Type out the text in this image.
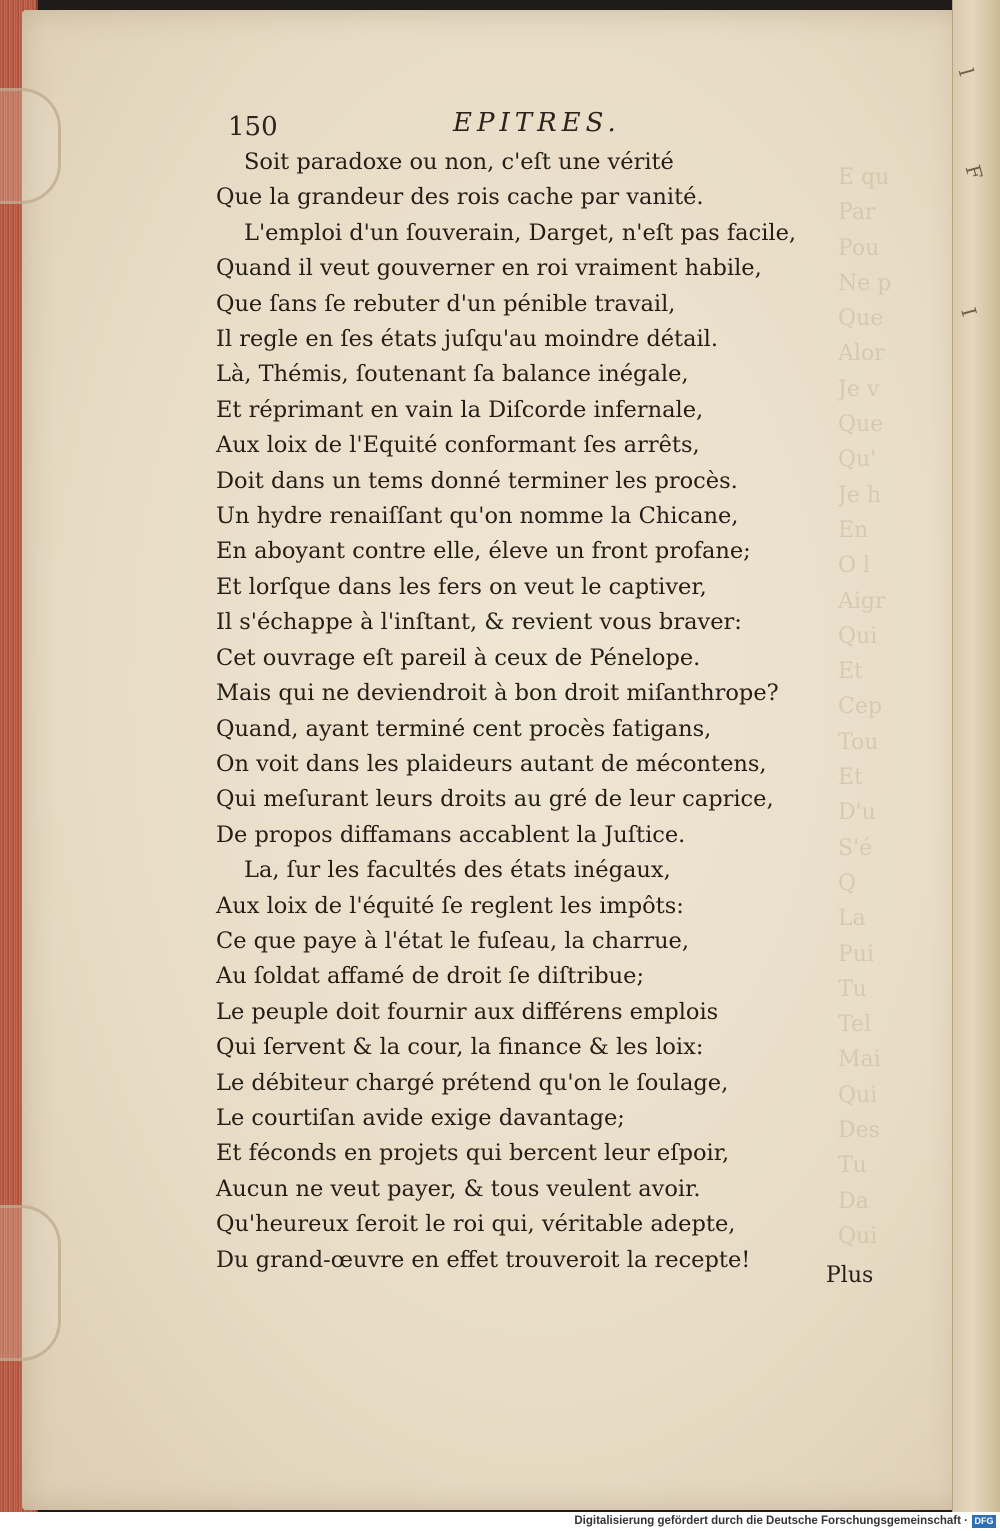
l
F
I
E qu
Par
Pou
Ne p
Que
Alor
Je v
Que
Qu'
Je h
En
O l
Aigr
Qui
Et
Cep
Tou
Et
D'u
S'é
Q
La
Pui
Tu
Tel
Mai
Qui
Des
Tu
Da
Qui
150	EPITRES.
Soit paradoxe ou non, c'eſt une vérité
Que la grandeur des rois cache par vanité.
L'emploi d'un ſouverain, Darget, n'eſt pas facile,
Quand il veut gouverner en roi vraiment habile,
Que ſans ſe rebuter d'un pénible travail,
Il regle en ſes états juſqu'au moindre détail.
Là, Thémis, ſoutenant ſa balance inégale,
Et réprimant en vain la Diſcorde infernale,
Aux loix de l'Equité conformant ſes arrêts,
Doit dans un tems donné terminer les procès.
Un hydre renaiſſant qu'on nomme la Chicane,
En aboyant contre elle, éleve un front profane;
Et lorſque dans les fers on veut le captiver,
Il s'échappe à l'inſtant, & revient vous braver:
Cet ouvrage eſt pareil à ceux de Pénelope.
Mais qui ne deviendroit à bon droit miſanthrope?
Quand, ayant terminé cent procès fatigans,
On voit dans les plaideurs autant de mécontens,
Qui meſurant leurs droits au gré de leur caprice,
De propos diffamans accablent la Juſtice.
La, ſur les facultés des états inégaux,
Aux loix de l'équité ſe reglent les impôts:
Ce que paye à l'état le fuſeau, la charrue,
Au ſoldat affamé de droit ſe diſtribue;
Le peuple doit fournir aux différens emplois
Qui ſervent & la cour, la finance & les loix:
Le débiteur chargé prétend qu'on le ſoulage,
Le courtiſan avide exige davantage;
Et féconds en projets qui bercent leur eſpoir,
Aucun ne veut payer, & tous veulent avoir.
Qu'heureux ſeroit le roi qui, véritable adepte,
Du grand-œuvre en effet trouveroit la recepte!
Plus
Digitalisierung gefördert durch die Deutsche Forschungsgemeinschaft · DFG
